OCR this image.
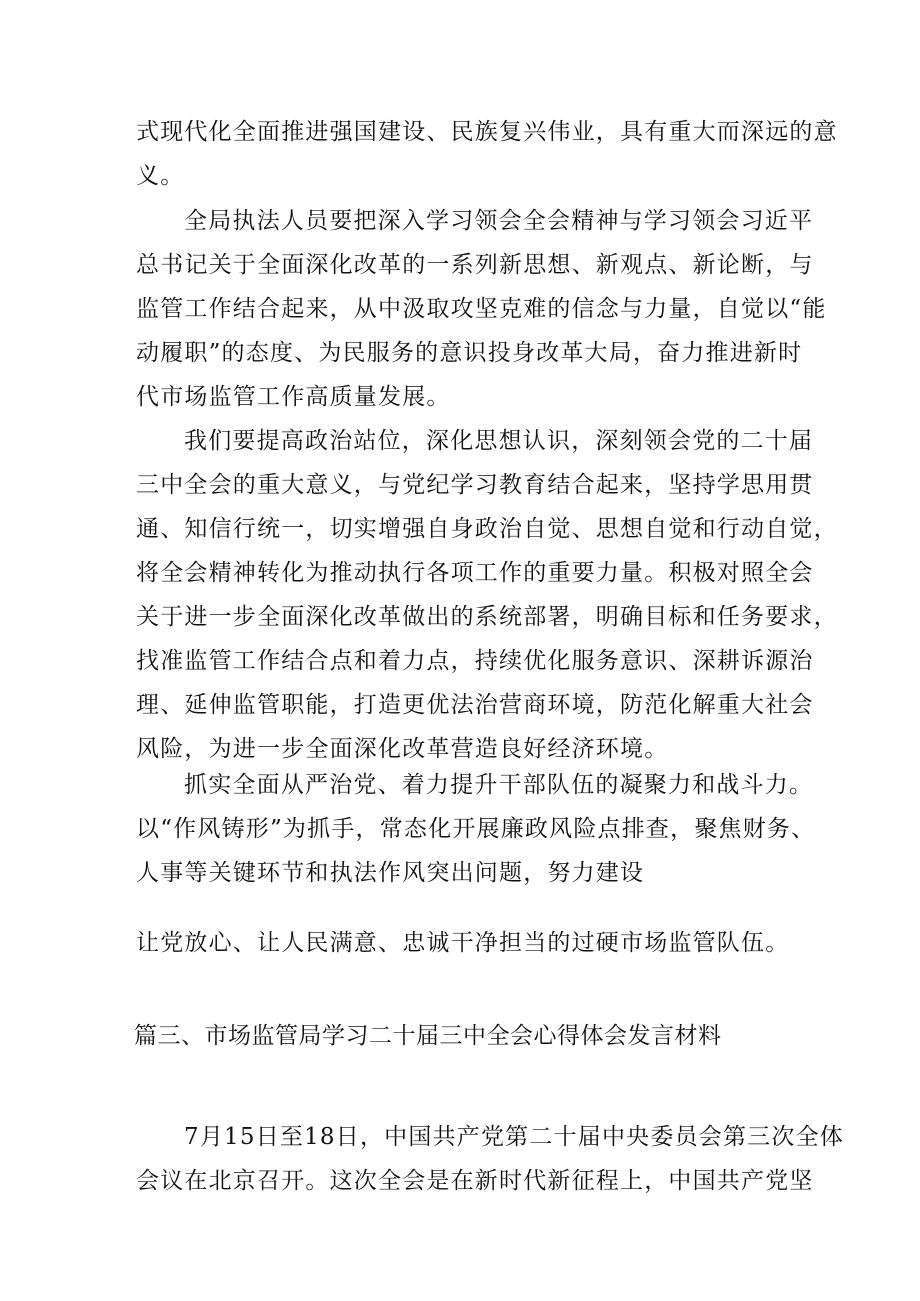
式现代化全面推进强国建设、民族复兴伟业，具有重大而深远的意
义。
全局执法人员要把深入学习领会全会精神与学习领会习近平
总书记关于全面深化改革的一系列新思想、新观点、新论断，与
监管工作结合起来，从中汲取攻坚克难的信念与力量，自觉以“能
动履职”的态度、为民服务的意识投身改革大局，奋力推进新时
代市场监管工作高质量发展。
我们要提高政治站位，深化思想认识，深刻领会党的二十届
三中全会的重大意义，与党纪学习教育结合起来，坚持学思用贯
通、知信行统一，切实增强自身政治自觉、思想自觉和行动自觉，
将全会精神转化为推动执行各项工作的重要力量。积极对照全会
关于进一步全面深化改革做出的系统部署，明确目标和任务要求，
找准监管工作结合点和着力点，持续优化服务意识、深耕诉源治
理、延伸监管职能，打造更优法治营商环境，防范化解重大社会
风险，为进一步全面深化改革营造良好经济环境。
抓实全面从严治党、着力提升干部队伍的凝聚力和战斗力。
以“作风铸形”为抓手，常态化开展廉政风险点排查，聚焦财务、
人事等关键环节和执法作风突出问题，努力建设
让党放心、让人民满意、忠诚干净担当的过硬市场监管队伍。
篇三、市场监管局学习二十届三中全会心得体会发言材料
7月15日至18日，中国共产党第二十届中央委员会第三次全体
会议在北京召开。这次全会是在新时代新征程上，中国共产党坚
